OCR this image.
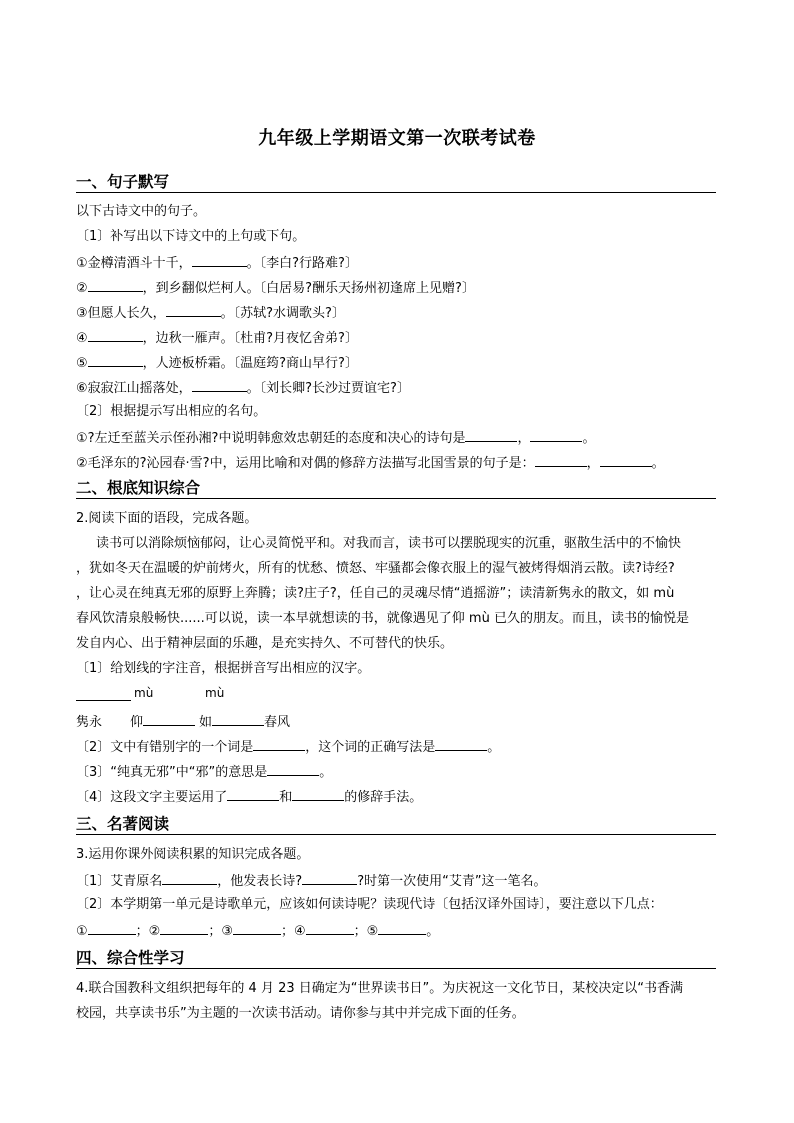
九年级上学期语文第一次联考试卷
一、句子默写
以下古诗文中的句子。
〔1〕补写出以下诗文中的上句或下句。
①金樽清酒斗十千，	。〔李白?行路难?〕
②	，到乡翻似烂柯人。〔白居易?酬乐天扬州初逢席上见赠?〕
③但愿人长久，	。〔苏轼?水调歌头?〕
④	，边秋一雁声。〔杜甫?月夜忆舍弟?〕
⑤	，人迹板桥霜。〔温庭筠?商山早行?〕
⑥寂寂江山摇落处，	。〔刘长卿?长沙过贾谊宅?〕
〔2〕根据提示写出相应的名句。
①?左迁至蓝关示侄孙湘?中说明韩愈效忠朝廷的态度和决心的诗句是	，	。
②毛泽东的?沁园春·雪?中，运用比喻和对偶的修辞方法描写北国雪景的句子是：	，	。
二、根底知识综合
2.阅读下面的语段，完成各题。
读书可以消除烦恼郁闷，让心灵简悦平和。对我而言，读书可以摆脱现实的沉重，驱散生活中的不愉快
，犹如冬天在温暖的炉前烤火，所有的忧愁、愤怒、牢骚都会像衣服上的湿气被烤得烟消云散。读?诗经?
，让心灵在纯真无邪的原野上奔腾；读?庄子?，任自己的灵魂尽情“逍摇游”；读清新隽永的散文，如 mù
春风饮清泉般畅快......可以说，读一本早就想读的书，就像遇见了仰 mù 已久的朋友。而且，读书的愉悦是
发自内心、出于精神层面的乐趣，是充实持久、不可替代的快乐。
〔1〕给划线的字注音，根据拼音写出相应的汉字。
mù	mù
隽永 仰	如	春风
〔2〕文中有错别字的一个词是	，这个词的正确写法是	。
〔3〕“纯真无邪”中“邪”的意思是	。
〔4〕这段文字主要运用了	和	的修辞手法。
三、名著阅读
3.运用你课外阅读积累的知识完成各题。
〔1〕艾青原名	，他发表长诗?	?时第一次使用“艾青”这一笔名。
〔2〕本学期第一单元是诗歌单元，应该如何读诗呢？读现代诗〔包括汉译外国诗〕，要注意以下几点：
①	；②	；③	；④	；⑤	。
四、综合性学习
4.联合国教科文组织把每年的 4 月 23 日确定为“世界读书日”。为庆祝这一文化节日，某校决定以“书香满
校园，共享读书乐”为主题的一次读书活动。请你参与其中并完成下面的任务。
